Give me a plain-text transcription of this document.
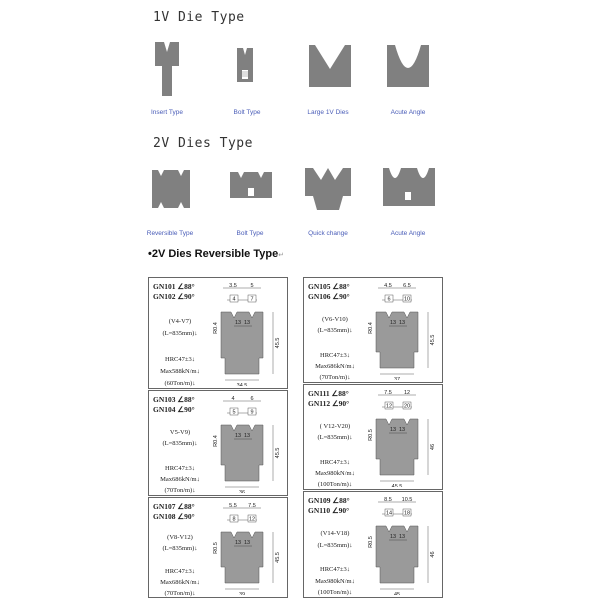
1V Die Type
Insert Type	Bolt Type	Large 1V Dies	Acute Angle
2V Dies Type
Reversible Type	Bolt Type	Quick change	Acute Angle
•2V Dies Reversible Type↵
GN101 ∠88°
GN102 ∠90°
(V4-V7)
(L=835mm)↓
HRC47±3↓
Max588kN/m↓
(60Ton/m)↓
3.5 5
4	7
13 13
R0.4
45.5
34.5
GN103 ∠88°
GN104 ∠90°
V5-V9)
(L=835mm)↓
HRC47±3↓
Max686kN/m↓
(70Ton/m)↓
4	6
5	9
13 13
R0.4
45.5
36
GN107 ∠88°
GN108 ∠90°
(V8-V12)
(L=835mm)↓
HRC47±3↓
Max686kN/m↓
(70Ton/m)↓
5.5 7.5
8 12
13 13
R0.5
45.5
39
GN105 ∠88°
GN106 ∠90°
(V6-V10)
(L=835mm)↓
HRC47±3↓
Max686kN/m↓
(70Ton/m)↓
4.5 6.5
6 10
13 13
R0.4
45.5
37
GN111 ∠88°
GN112 ∠90°
( V12-V20)
(L=835mm)↓
HRC47±3↓
Max980kN/m↓
(100Ton/m)↓
7.5 12
12 20
13 13
R0.5
46
45.5
GN109 ∠88°
GN110 ∠90°
(V14-V18)
(L=835mm)↓
HRC47±3↓
Max980kN/m↓
(100Ton/m)↓
8.5 10.5
14 18
13 13
R0.5
46
45
